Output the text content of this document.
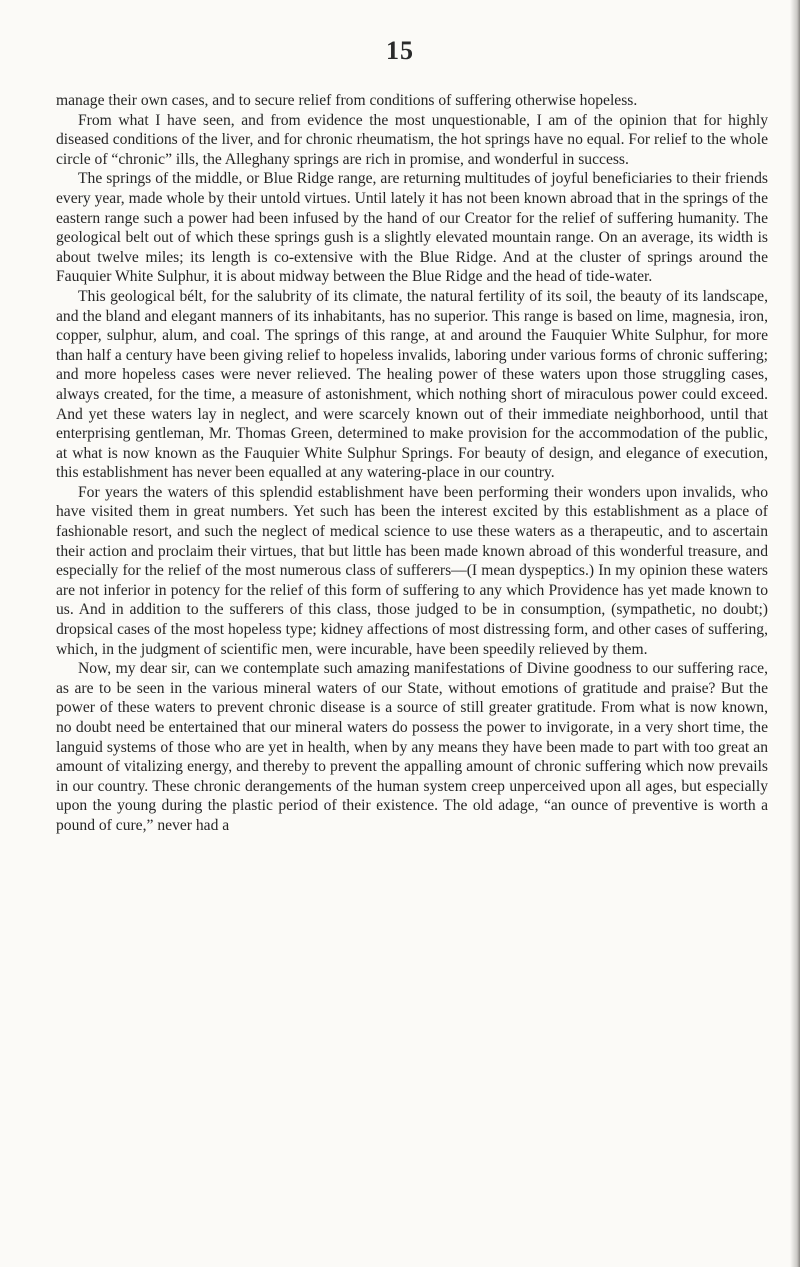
15

manage their own cases, and to secure relief from conditions of suffering otherwise hopeless.

From what I have seen, and from evidence the most unquestionable, I am of the opinion that for highly diseased conditions of the liver, and for chronic rheumatism, the hot springs have no equal. For relief to the whole circle of “chronic” ills, the Alleghany springs are rich in promise, and wonderful in success.

The springs of the middle, or Blue Ridge range, are returning multitudes of joyful beneficiaries to their friends every year, made whole by their untold virtues. Until lately it has not been known abroad that in the springs of the eastern range such a power had been infused by the hand of our Creator for the relief of suffering humanity. The geological belt out of which these springs gush is a slightly elevated mountain range. On an average, its width is about twelve miles; its length is co-extensive with the Blue Ridge. And at the cluster of springs around the Fauquier White Sulphur, it is about midway between the Blue Ridge and the head of tide-water.

This geological bélt, for the salubrity of its climate, the natural fertility of its soil, the beauty of its landscape, and the bland and elegant manners of its inhabitants, has no superior. This range is based on lime, magnesia, iron, copper, sulphur, alum, and coal. The springs of this range, at and around the Fauquier White Sulphur, for more than half a century have been giving relief to hopeless invalids, laboring under various forms of chronic suffering; and more hopeless cases were never relieved. The healing power of these waters upon those struggling cases, always created, for the time, a measure of astonishment, which nothing short of miraculous power could exceed. And yet these waters lay in neglect, and were scarcely known out of their immediate neighborhood, until that enterprising gentleman, Mr. Thomas Green, determined to make provision for the accommodation of the public, at what is now known as the Fauquier White Sulphur Springs. For beauty of design, and elegance of execution, this establishment has never been equalled at any watering-place in our country.

For years the waters of this splendid establishment have been performing their wonders upon invalids, who have visited them in great numbers. Yet such has been the interest excited by this establishment as a place of fashionable resort, and such the neglect of medical science to use these waters as a therapeutic, and to ascertain their action and proclaim their virtues, that but little has been made known abroad of this wonderful treasure, and especially for the relief of the most numerous class of sufferers—(I mean dyspeptics.) In my opinion these waters are not inferior in potency for the relief of this form of suffering to any which Providence has yet made known to us. And in addition to the sufferers of this class, those judged to be in consumption, (sympathetic, no doubt;) dropsical cases of the most hopeless type; kidney affections of most distressing form, and other cases of suffering, which, in the judgment of scientific men, were incurable, have been speedily relieved by them.

Now, my dear sir, can we contemplate such amazing manifestations of Divine goodness to our suffering race, as are to be seen in the various mineral waters of our State, without emotions of gratitude and praise? But the power of these waters to prevent chronic disease is a source of still greater gratitude. From what is now known, no doubt need be entertained that our mineral waters do possess the power to invigorate, in a very short time, the languid systems of those who are yet in health, when by any means they have been made to part with too great an amount of vitalizing energy, and thereby to prevent the appalling amount of chronic suffering which now prevails in our country. These chronic derangements of the human system creep unperceived upon all ages, but especially upon the young during the plastic period of their existence. The old adage, “an ounce of preventive is worth a pound of cure,” never had a
